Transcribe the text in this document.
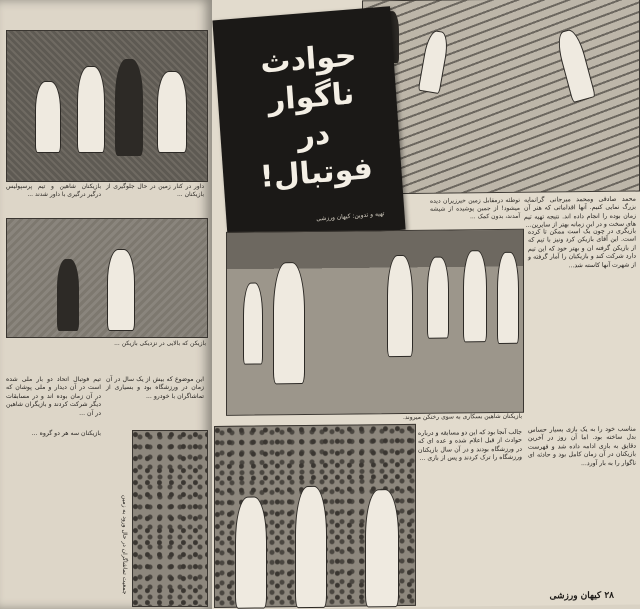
بازیکنان شاهین و تیم پرسپولیس درگیر درگیری با داور شدند ...
داور در کنار زمین در حال جلوگیری از بازیکنان ...
بازیکن که بالایی در نزدیکی بازیکن ...
تیم فوتبال اتحاد دو بار ملی شده است در آن دیدار و ملی پوشان که در آن زمان بوده اند و در مسابقات دیگر شرکت کردند و بازیگران شاهین در آن ...
این موضوع که بیش از یک سال در آن زمان در ورزشگاه بود و بسیاری از تماشاگران با خودرو ...
بازیکنان سه هر دو گروه ...
جمعیت تماشاگران در حال ورود به زمین
حوادث
ناگوار
در
فوتبال!
تهیه و تدوین: کیهان ورزشی
توطئه درمقابل زمین خیرزیران دیده میشود! از جمین پوشیده از شیشه آمدند، بدون کمک ...
محمد صادقی ومحمد میرجانی گرانمایه بزرگ نمایی کنیم. آنها اقداماتی که هنر آن زمان بوده را انجام داده اند. نتیجه تهیه تیم های سخت و در این زمانه بهتر از سایرین...
بازیکنان شاهین بسکاری به سوی رختکن میروند.
بازیگری در چون یک است ممکن تا کرده است. این آقای بازیکن کرد ونیز با تیم که از بازیکن گرفته ان و بهتر خود که این تیم دارد شرکت کند و بازیکنان را آمار گرفته و از شهرت آنها کاسته شد...
جالب آنجا بود که این دو مسابقه و درباره حوادث از قبل اعلام شده و عده ای که در ورزشگاه بودند و در آن سال بازیکنان ورزشگاه را ترک کردند و پس از بازی ...
مناسب خود را به یک بازی بسیار حساس بدل ساخته بود. اما آن روز در آخرین دقایق به بازی ادامه داده شد و فهرست بازیکنان در آن زمان کامل بود و حادثه ای ناگوار را به بار آورد...
۲۸ کیهان ورزشی
